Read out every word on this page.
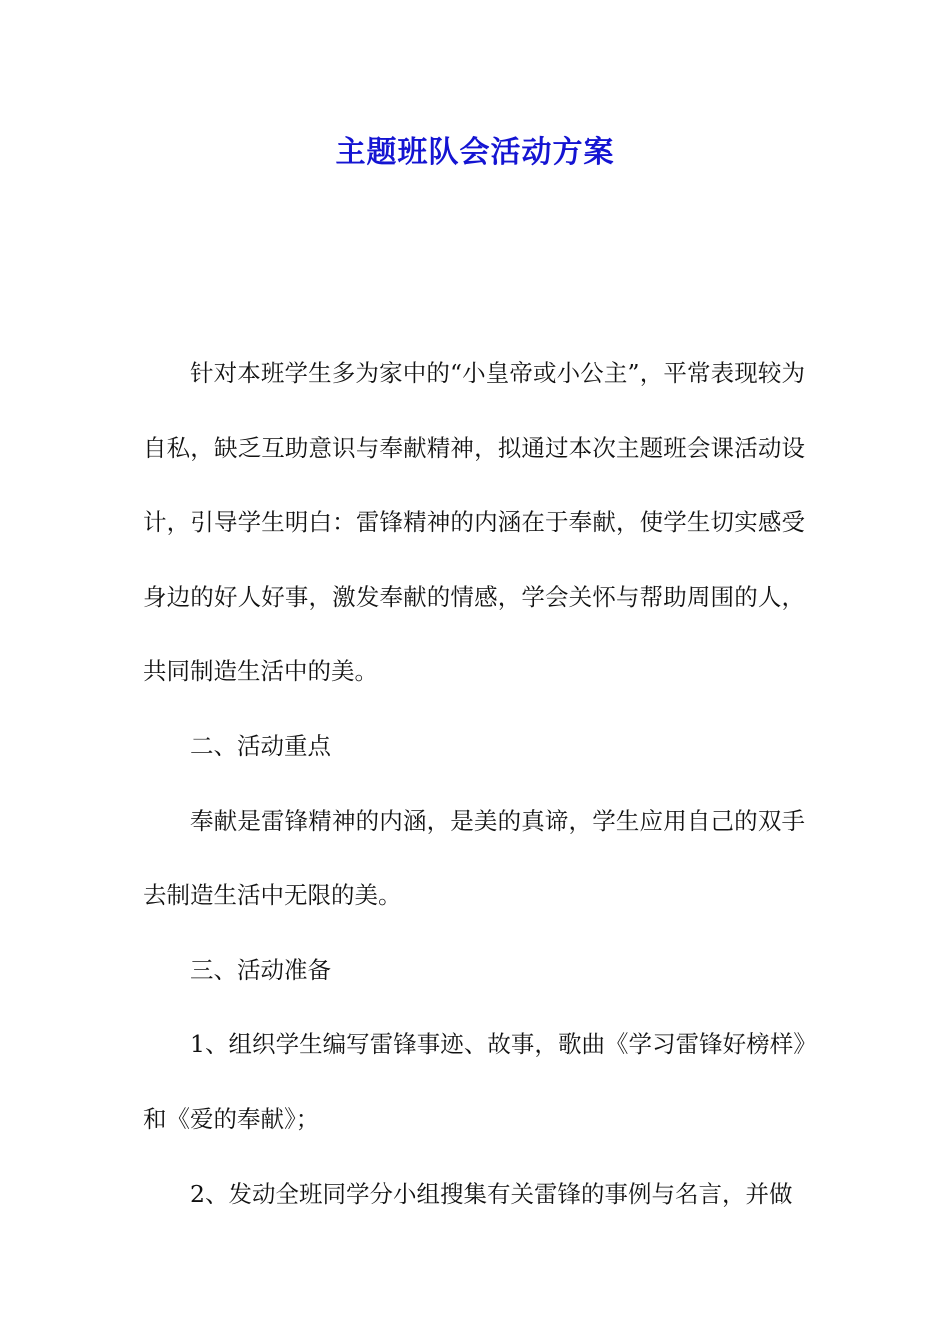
主题班队会活动方案

针对本班学生多为家中的“小皇帝或小公主”，平常表现较为自私，缺乏互助意识与奉献精神，拟通过本次主题班会课活动设计，引导学生明白：雷锋精神的内涵在于奉献，使学生切实感受身边的好人好事，激发奉献的情感，学会关怀与帮助周围的人，共同制造生活中的美。

二、活动重点

奉献是雷锋精神的内涵，是美的真谛，学生应用自己的双手去制造生活中无限的美。

三、活动准备

1、组织学生编写雷锋事迹、故事，歌曲《学习雷锋好榜样》和《爱的奉献》；

2、发动全班同学分小组搜集有关雷锋的事例与名言，并做
